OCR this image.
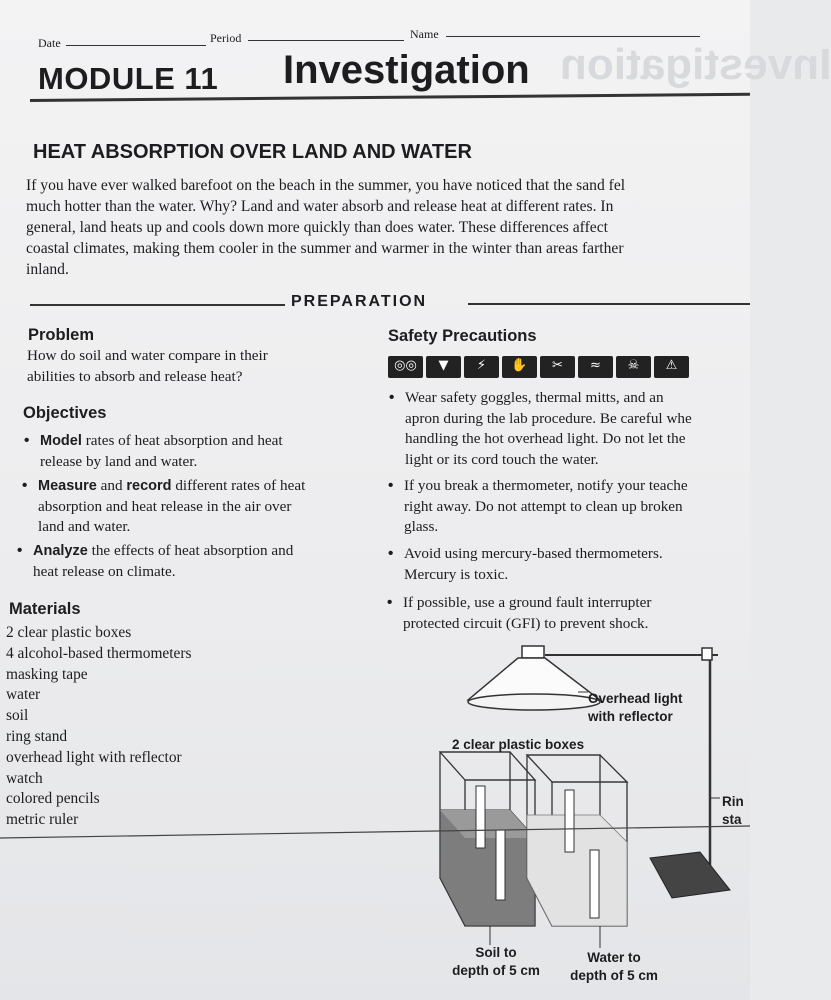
Date	Period	Name
Investigation
MODULE 11 Investigation
HEAT ABSORPTION OVER LAND AND WATER
If you have ever walked barefoot on the beach in the summer, you have noticed that the sand fel
much hotter than the water. Why? Land and water absorb and release heat at different rates. In
general, land heats up and cools down more quickly than does water. These differences affect
coastal climates, making them cooler in the summer and warmer in the winter than areas farther
inland.
PREPARATION
Problem
How do soil and water compare in their
abilities to absorb and release heat?
Objectives
• Model rates of heat absorption and heat
release by land and water.
• Measure and record different rates of heat
absorption and heat release in the air over
land and water.
• Analyze the effects of heat absorption and
heat release on climate.
Materials
2 clear plastic boxes
4 alcohol-based thermometers
masking tape
water
soil
ring stand
overhead light with reflector
watch
colored pencils
metric ruler
Safety Precautions
◎◎	▼	⚡	✋	✂	≈	☠	⚠
• Wear safety goggles, thermal mitts, and an
apron during the lab procedure. Be careful whe
handling the hot overhead light. Do not let the
light or its cord touch the water.
• If you break a thermometer, notify your teache
right away. Do not attempt to clean up broken
glass.
• Avoid using mercury-based thermometers.
Mercury is toxic.
• If possible, use a ground fault interrupter
protected circuit (GFI) to prevent shock.
Overhead light
with reflector
2 clear plastic boxes
Rin
sta
Soil to
depth of 5 cm
Water to
depth of 5 cm
